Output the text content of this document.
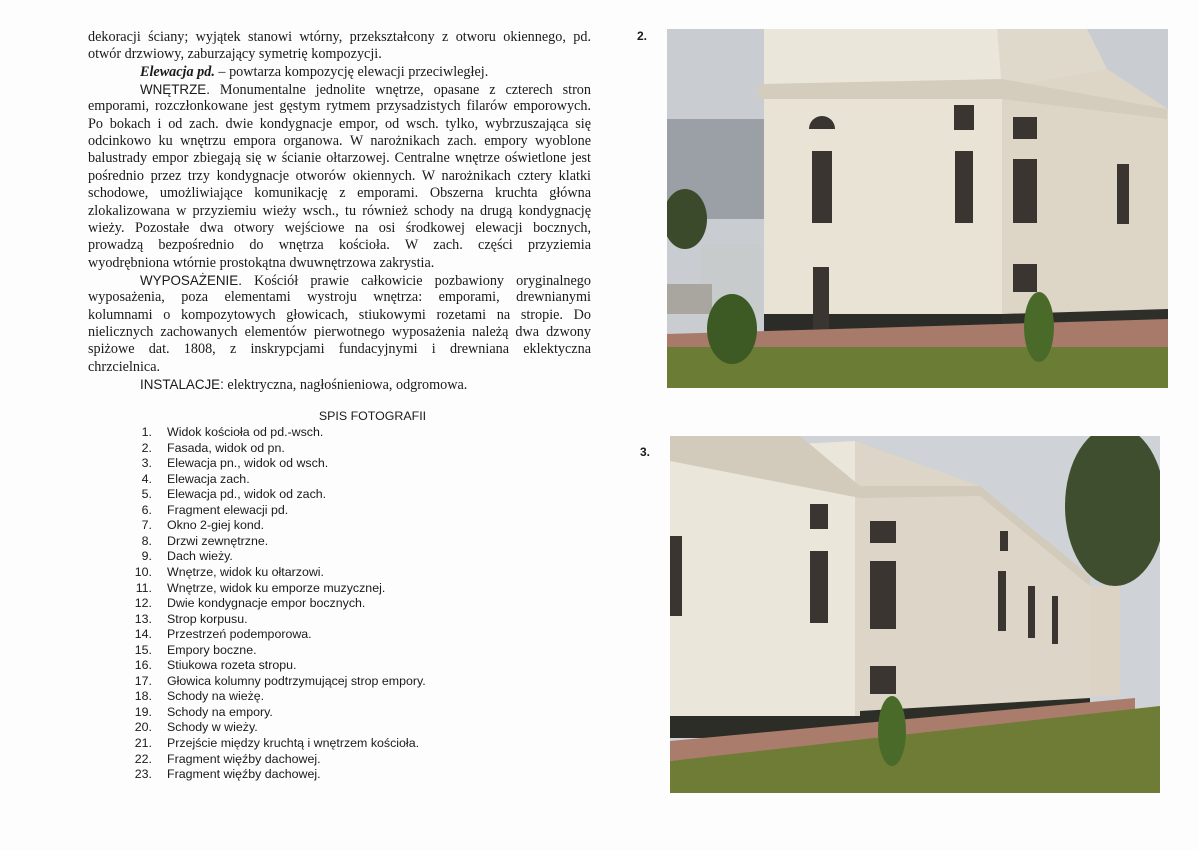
dekoracji ściany; wyjątek stanowi wtórny, przekształcony z otworu okiennego, pd.
otwór drzwiowy, zaburzający symetrię kompozycji.
Elewacja pd. – powtarza kompozycję elewacji przeciwległej.
WNĘTRZE. Monumentalne jednolite wnętrze, opasane z czterech stron
emporami, rozczłonkowane jest gęstym rytmem przysadzistych filarów emporowych.
Po bokach i od zach. dwie kondygnacje empor, od wsch. tylko, wybrzuszająca się
odcinkowo ku wnętrzu empora organowa. W narożnikach zach. empory wyoblone
balustrady empor zbiegają się w ścianie ołtarzowej. Centralne wnętrze oświetlone jest
pośrednio przez trzy kondygnacje otworów okiennych. W narożnikach cztery klatki
schodowe, umożliwiające komunikację z emporami. Obszerna kruchta główna
zlokalizowana w przyziemiu wieży wsch., tu również schody na drugą kondygnację
wieży. Pozostałe dwa otwory wejściowe na osi środkowej elewacji bocznych,
prowadzą bezpośrednio do wnętrza kościoła. W zach. części przyziemia
wyodrębniona wtórnie prostokątna dwuwnętrzowa zakrystia.
WYPOSAŻENIE. Kościół prawie całkowicie pozbawiony oryginalnego
wyposażenia, poza elementami wystroju wnętrza: emporami, drewnianymi
kolumnami o kompozytowych głowicach, stiukowymi rozetami na stropie. Do
nielicznych zachowanych elementów pierwotnego wyposażenia należą dwa dzwony
spiżowe dat. 1808, z inskrypcjami fundacyjnymi i drewniana eklektyczna
chrzcielnica.
INSTALACJE: elektryczna, nagłośnieniowa, odgromowa.
SPIS FOTOGRAFII
1. Widok kościoła od pd.-wsch.
2. Fasada, widok od pn.
3. Elewacja pn., widok od wsch.
4. Elewacja zach.
5. Elewacja pd., widok od zach.
6. Fragment elewacji pd.
7. Okno 2-giej kond.
8. Drzwi zewnętrzne.
9. Dach wieży.
10. Wnętrze, widok ku ołtarzowi.
11. Wnętrze, widok ku emporze muzycznej.
12. Dwie kondygnacje empor bocznych.
13. Strop korpusu.
14. Przestrzeń podemporowa.
15. Empory boczne.
16. Stiukowa rozeta stropu.
17. Głowica kolumny podtrzymującej strop empory.
18. Schody na wieżę.
19. Schody na empory.
20. Schody w wieży.
21. Przejście między kruchtą i wnętrzem kościoła.
22. Fragment więźby dachowej.
23. Fragment więźby dachowej.
2.
3.
